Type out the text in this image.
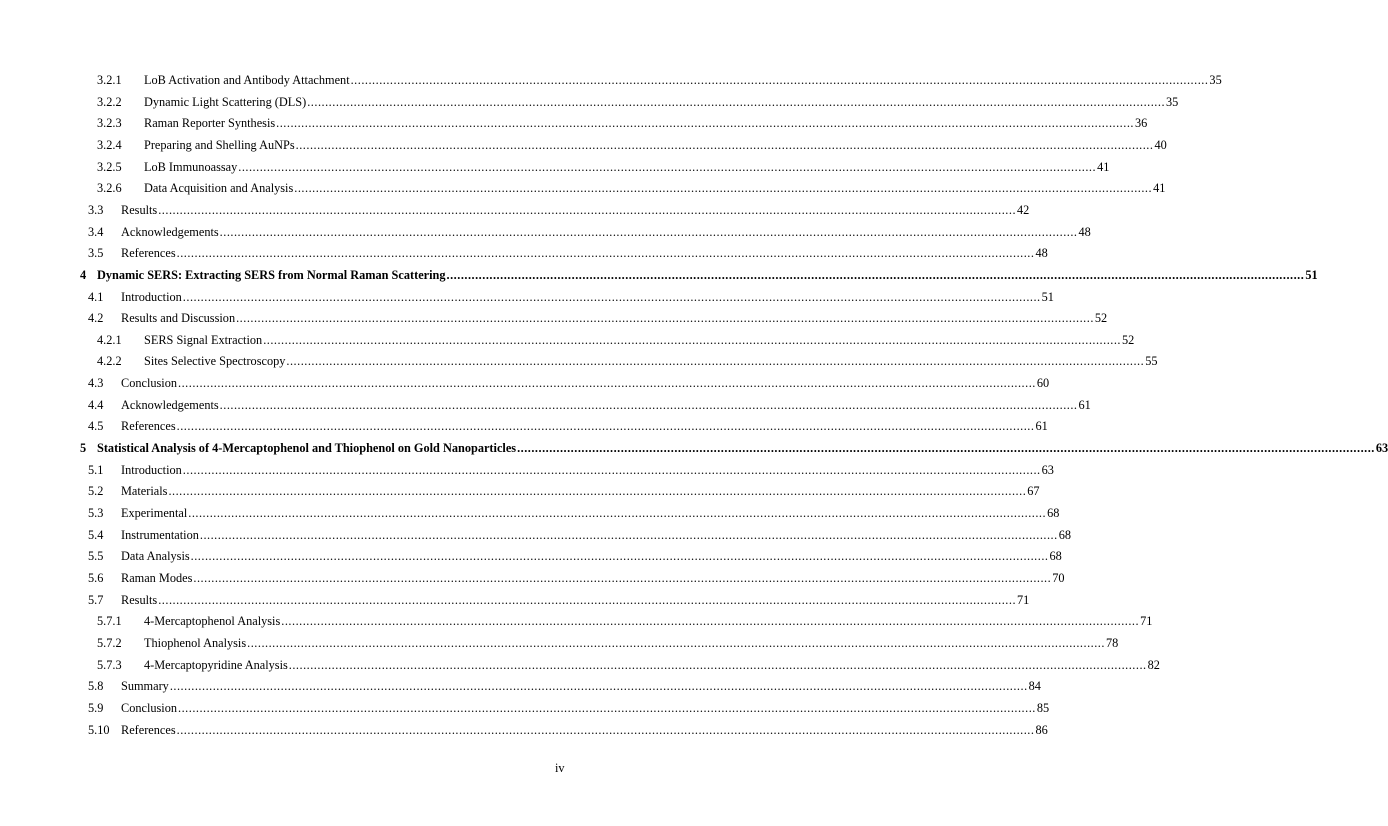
3.2.1	LoB Activation and Antibody Attachment .....	35
3.2.2	Dynamic Light Scattering (DLS) .....	35
3.2.3	Raman Reporter Synthesis .....	36
3.2.4	Preparing and Shelling AuNPs .....	40
3.2.5	LoB Immunoassay .....	41
3.2.6	Data Acquisition and Analysis .....	41
3.3	Results .....	42
3.4	Acknowledgements .....	48
3.5	References .....	48
4 Dynamic SERS: Extracting SERS from Normal Raman Scattering .....	51
4.1	Introduction .....	51
4.2	Results and Discussion .....	52
4.2.1	SERS Signal Extraction .....	52
4.2.2	Sites Selective Spectroscopy .....	55
4.3	Conclusion .....	60
4.4	Acknowledgements .....	61
4.5	References .....	61
5 Statistical Analysis of 4-Mercaptophenol and Thiophenol on Gold Nanoparticles .....	63
5.1	Introduction .....	63
5.2	Materials .....	67
5.3	Experimental .....	68
5.4	Instrumentation .....	68
5.5	Data Analysis .....	68
5.6	Raman Modes .....	70
5.7	Results .....	71
5.7.1	4-Mercaptophenol Analysis .....	71
5.7.2	Thiophenol Analysis .....	78
5.7.3	4-Mercaptopyridine Analysis .....	82
5.8	Summary .....	84
5.9	Conclusion .....	85
5.10 References .....	86
iv
